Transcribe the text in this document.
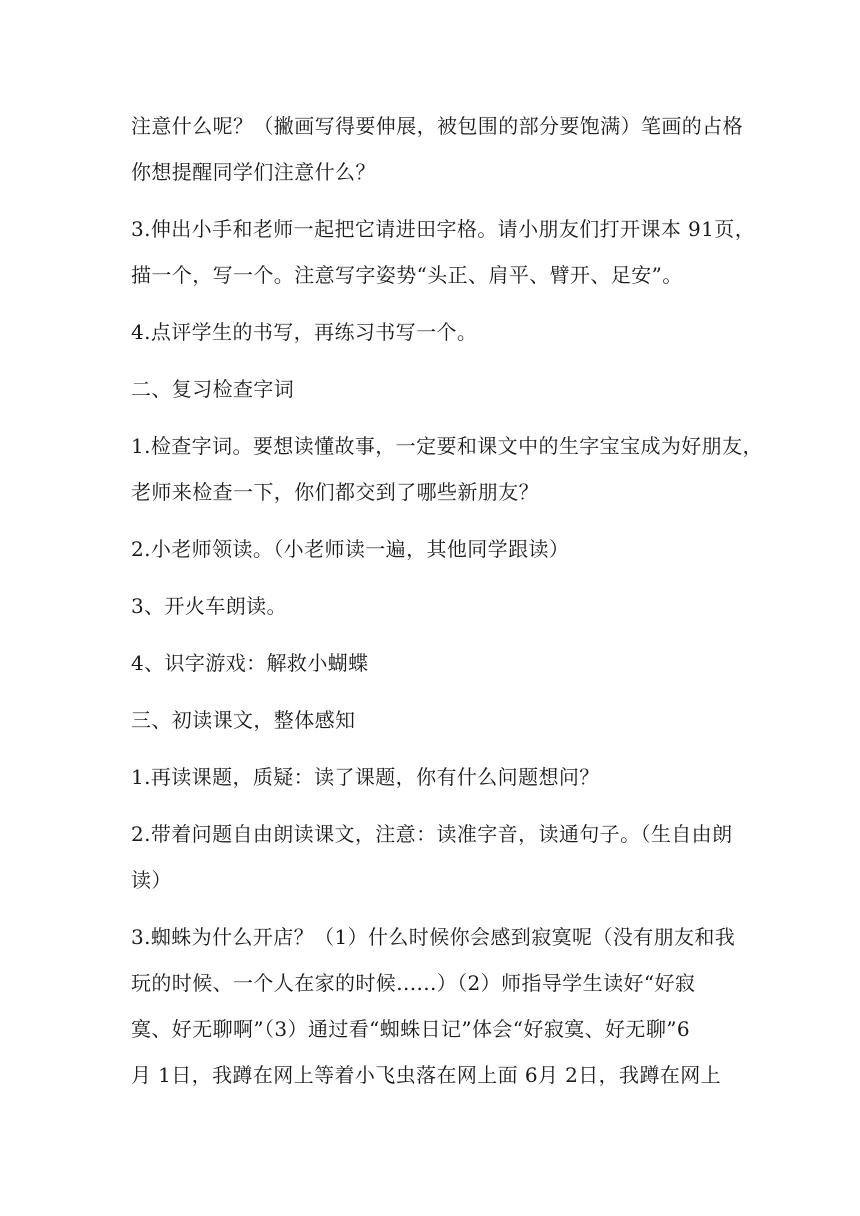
注意什么呢？（撇画写得要伸展，被包围的部分要饱满）笔画的占格

你想提醒同学们注意什么？

3.伸出小手和老师一起把它请进田字格。请小朋友们打开课本 91页，

描一个，写一个。注意写字姿势“头正、肩平、臂开、足安”。

4.点评学生的书写，再练习书写一个。

二、复习检查字词

1.检查字词。要想读懂故事，一定要和课文中的生字宝宝成为好朋友，

老师来检查一下，你们都交到了哪些新朋友？

2.小老师领读。（小老师读一遍，其他同学跟读）

3、开火车朗读。

4、识字游戏：解救小蝴蝶

三、初读课文，整体感知

1.再读课题，质疑：读了课题，你有什么问题想问？

2.带着问题自由朗读课文，注意：读准字音，读通句子。（生自由朗

读）

3.蜘蛛为什么开店？（1）什么时候你会感到寂寞呢（没有朋友和我

玩的时候、一个人在家的时候......）（2）师指导学生读好“好寂

寞、好无聊啊”（3）通过看“蜘蛛日记”体会“好寂寞、好无聊”6

月 1日，我蹲在网上等着小飞虫落在网上面 6月 2日，我蹲在网上
